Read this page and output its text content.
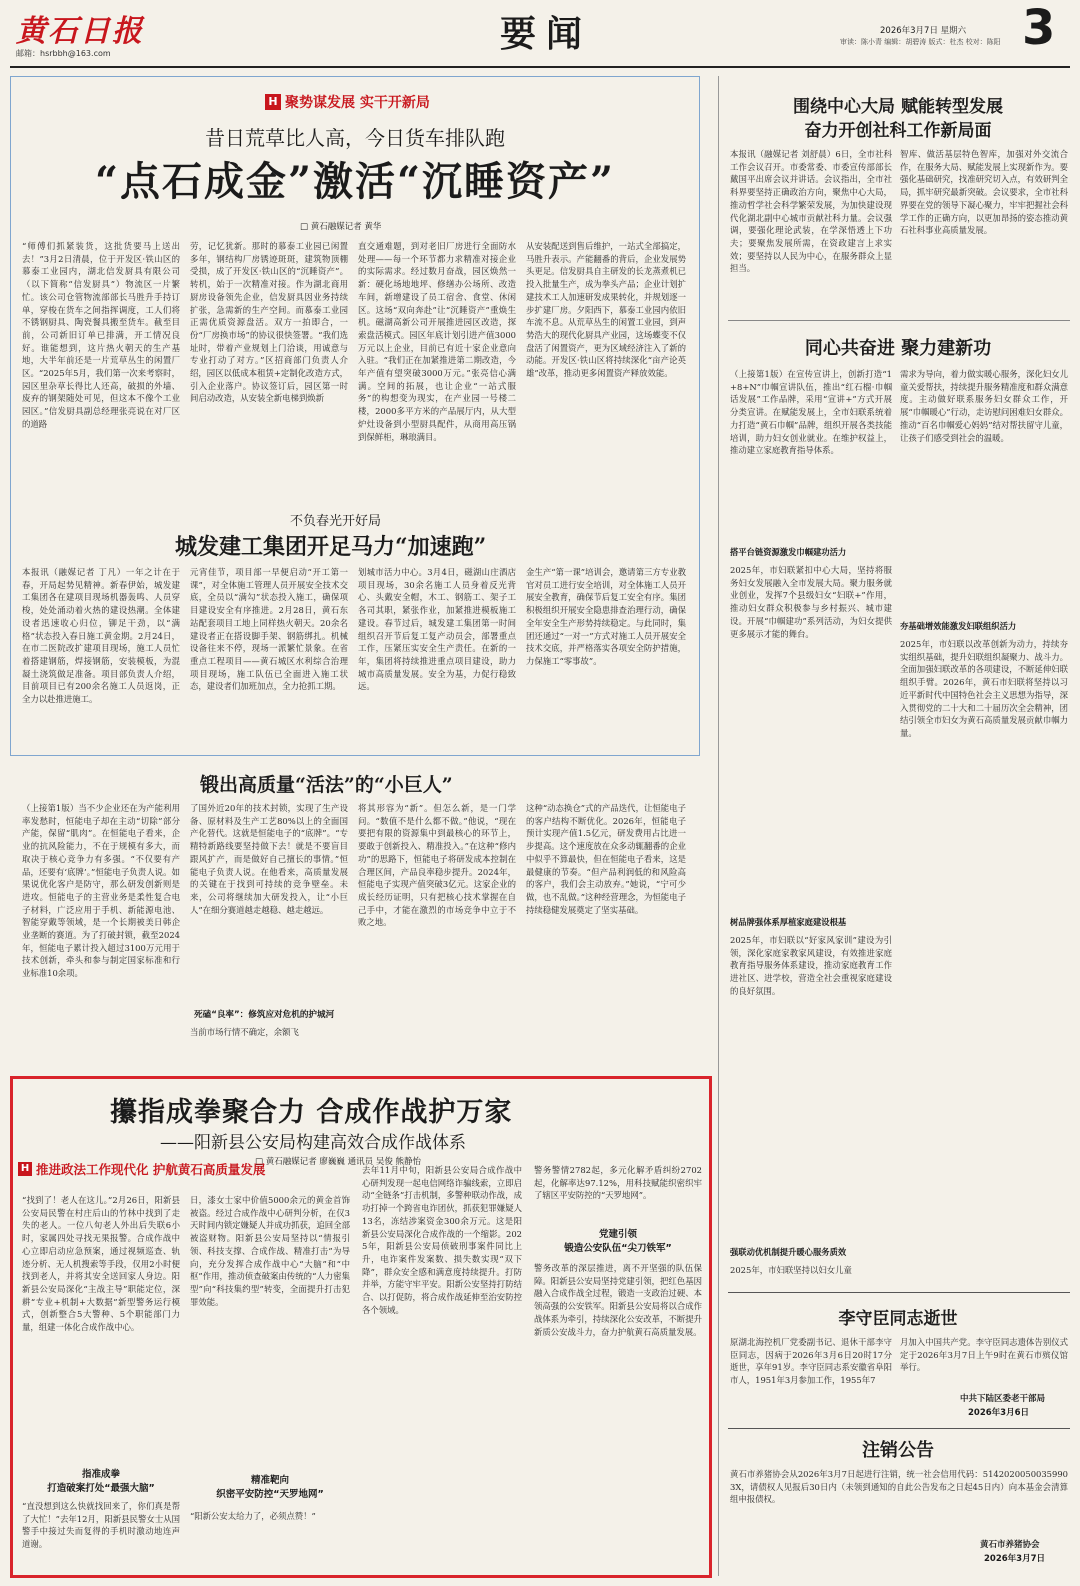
黄石日报
邮箱：hsrbbh@163.com	要闻	2026年3月7日 星期六
审读：陈小青 编辑：胡碧涛 版式：杜杰 校对：陈阳 3
H 聚势谋发展 实干开新局
昔日荒草比人高，今日货车排队跑
“点石成金”激活“沉睡资产”
□ 黄石融媒记者 黄华
“师傅们抓紧装货，这批货要马上送出去！”3月2日清晨，位于开发区·铁山区的慕泰工业园内，湖北信发厨具有限公司（以下简称“信发厨具”）物流区一片繁忙。该公司仓管物流部部长马胜升手持订单，穿梭在货车之间指挥调度，工人们将不锈钢厨具、陶瓷餐具搬至货车。截至目前，公司新旧订单已排满，开工情况良好。谁能想到，这片热火朝天的生产基地，大半年前还是一片荒草丛生的闲置厂区。“2025年5月，我们第一次来考察时，园区里杂草长得比人还高，破损的外墙、废弃的钢架随处可见，但这本不像个工业园区。”信发厨具副总经理张亮说在对厂区的道路
劳，记忆犹新。那时的慕泰工业园已闲置多年，钢结构厂房锈迹斑斑，建筑物顶棚受损，成了开发区·铁山区的“沉睡资产”。转机，始于一次精准对接。作为湖北商用厨房设备领先企业，信发厨具因业务持续扩张，急需新的生产空间。而慕泰工业园正需优质资源盘活。双方一拍即合，一份“厂房换市场”的协议很快签署。“我们选址时，带着产业规划上门洽谈，用诚意与专业打动了对方。”区招商部门负责人介绍，园区以低成本租赁+定制化改造方式，引入企业落户。协议签订后，园区第一时间启动改造，从安装全新电梯到焕新
直交通难题，到对老旧厂房进行全面防水处理——每一个环节都力求精准对接企业的实际需求。经过数月奋战，园区焕然一新：硬化场地地坪、修缮办公场所、改造车间，新增建设了员工宿舍、食堂、休闲区。这场“双向奔赴”让“沉睡资产”重焕生机。磁湖高新公司开展推进园区改造，探索盘活模式。园区年底计划引进产值3000万元以上企业，目前已有近十家企业意向入驻。“我们正在加紧推进第二期改造，今年产值有望突破3000万元。”张亮信心满满。空间的拓展，也让企业“一站式服务”的构想变为现实，在产业园一号楼二楼，2000多平方米的产品展厅内，从大型炉灶设备到小型厨具配件，从商用高压锅到保鲜柜，琳琅满目。
从安装配送到售后维护，一站式全部搞定，马胜升表示。产能翻番的背后，企业发展势头更足。信发厨具自主研发的长龙蒸煮机已投入批量生产，成为拳头产品；企业计划扩建技术工人加速研发成果转化，并规划逐一步扩建厂房。夕阳西下，慕泰工业园内依旧车流不息。从荒草丛生的闲置工业园，到声势浩大的现代化厨具产业园，这场蝶变不仅盘活了闲置资产，更为区域经济注入了新的动能。开发区·铁山区将持续深化“亩产论英雄”改革，推动更多闲置资产释放效能。
不负春光开好局
城发建工集团开足马力“加速跑”
本报讯（融媒记者 丁凡）一年之计在于春，开局起势见精神。新春伊始，城发建工集团各在建项目现场机器轰鸣、人员穿梭，处处涌动着火热的建设热潮。全体建设者迅速收心归位，铆足干劲，以“满格”状态投入春日施工黄金期。2月24日，在市二医院改扩建项目现场，施工人员忙着搭建钢筋，焊接钢筋，安装模板，为混凝土浇筑做足准备。项目部负责人介绍，目前项目已有200余名施工人员返岗，正全力以赴推进施工。
元宵佳节，项目部一早便启动“开工第一课”，对全体施工管理人员开展安全技术交底，全员以“满勾”状态投入施工，确保项目建设安全有序推进。2月28日，黄石东站配套项目工地上同样热火朝天。20余名建设者正在搭设脚手架、钢筋绑扎。机械设备往来不停，现场一派繁忙景象。在省重点工程项目——黄石城区水利综合治理项目现场，施工队伍已全面进入施工状态，建设者们加班加点，全力抢抓工期。
划城市活力中心。3月4日，磁湖山庄酒店项目现场，30余名施工人员身着反光背心、头戴安全帽，木工、钢筋工、架子工各司其职，紧张作业，加紧推进模板施工建设。春节过后，城发建工集团第一时间组织召开节后复工复产动员会，部署重点工作，压紧压实安全生产责任。在新的一年，集团将持续推进重点项目建设，助力城市高质量发展。安全为基，力促行稳致远。
金生产“第一课”培训会，邀请第三方专业教官对员工进行安全培训，对全体施工人员开展安全教育，确保节后复工安全有序。集团积极组织开展安全隐患排查治理行动，确保全年安全生产形势持续稳定。与此同时，集团还通过“一对一”方式对施工人员开展安全技术交底，并严格落实各项安全防护措施，力保施工“零事故”。
锻出高质量“活法”的“小巨人”
（上接第1版）当不少企业还在为产能利用率发愁时，恒能电子却在主动“切除”部分产能，保留“肌肉”。在恒能电子看来，企业的抗风险能力，不在于规模有多大，而取决于核心竞争力有多强。“不仅要有产品，还要有‘底牌’。”恒能电子负责人说。如果说优化客户是防守，那么研发创新则是进攻。恒能电子的主营业务是柔性复合电子材料，广泛应用于手机、新能源电池、智能穿戴等领域，是一个长期被美日韩企业垄断的赛道。为了打破封锁，截至2024年，恒能电子累计投入超过3100万元用于技术创新，牵头和参与制定国家标准和行业标准10余项。
了国外近20年的技术封锁，实现了生产设备、原材料及生产工艺80%以上的全面国产化替代。这就是恒能电子的“底牌”。“专精特新路线要坚持做下去！就是不要盲目跟风扩产，而是做好自己擅长的事情。”恒能电子负责人说。在他看来，高质量发展的关键在于找到可持续的竞争壁垒。未来，公司将继续加大研发投入，让“小巨人”在细分赛道越走越稳、越走越远。
死磕“良率”：修筑应对危机的护城河
当前市场行情不确定，余额飞
将其形容为“新”。但怎么新，是一门学问。“数值不是什么都不做。”他说，“现在要把有限的资源集中到最核心的环节上，要敢于创新投入、精准投入。”在这种“修内功”的思路下，恒能电子将研发成本控制在合理区间，产品良率稳步提升。2024年，恒能电子实现产值突破3亿元。这家企业的成长经历证明，只有把核心技术掌握在自己手中，才能在激烈的市场竞争中立于不败之地。
这种“动态换仓”式的产品迭代，让恒能电子的客户结构不断优化。2026年，恒能电子预计实现产值1.5亿元，研发费用占比进一步提高。这个速度放在众多动辄翻番的企业中似乎不算最快，但在恒能电子看来，这是最健康的节奏。“但产品利润低的和风险高的客户，我们会主动放弃。”她说，“宁可少做，也不乱做。”这种经营理念，为恒能电子持续稳健发展奠定了坚实基础。
攥指成拳聚合力 合成作战护万家
——阳新县公安局构建高效合成作战体系
□ 黄石融媒记者 廖巍巍 通讯员 吴俊 熊静怡
H 推进政法工作现代化 护航黄石高质量发展
“找到了！老人在这儿。”2月26日，阳新县公安局民警在村庄后山的竹林中找到了走失的老人。一位八旬老人外出后失联6小时，家属四处寻找无果报警。合成作战中心立即启动应急预案，通过视频巡查、轨迹分析、无人机搜索等手段，仅用2小时便找到老人，并将其安全送回家人身边。阳新县公安局深化“主战主导”职能定位，深耕“专业+机制+大数据”新型警务运行模式，创新整合5大警种、5个职能部门力量，组建一体化合成作战中心。
指准成拳
打造破案打处“最强大脑”
“直没想到这么快就找回来了，你们真是帮了大忙！”去年12月，阳新县民警女士从国警手中接过失而复得的手机时激动地连声道谢。
日，漆女士家中价值5000余元的黄金首饰被盗。经过合成作战中心研判分析，在仅3天时间内锁定嫌疑人并成功抓获，追回全部被盗财物。阳新县公安局坚持以“情报引领、科技支撑、合成作战、精准打击”为导向，充分发挥合成作战中心“大脑”和“中枢”作用，推动侦查破案由传统的“人力密集型”向“科技集约型”转变，全面提升打击犯罪效能。
精准靶向
织密平安防控“天罗地网”
“阳新公安太给力了，必须点赞！”
去年11月中旬，阳新县公安局合成作战中心研判发现一起电信网络诈骗线索，立即启动“全链条”打击机制，多警种联动作战，成功打掉一个跨省电诈团伙，抓获犯罪嫌疑人13名，冻结涉案资金300余万元。这是阳新县公安局深化合成作战的一个缩影。2025年，阳新县公安局侦破刑事案件同比上升，电诈案件发案数、损失数实现“双下降”，群众安全感和满意度持续提升。打防并举，方能守牢平安。阳新公安坚持打防结合、以打促防，将合成作战延伸至治安防控各个领域。
警务警情2782起，多元化解矛盾纠纷2702起，化解率达97.12%，用科技赋能织密织牢了辖区平安防控的“天罗地网”。
党建引领
锻造公安队伍“尖刀铁军”
警务改革的深层推进，离不开坚强的队伍保障。阳新县公安局坚持党建引领，把红色基因融入合成作战全过程，锻造一支政治过硬、本领高强的公安铁军。阳新县公安局将以合成作战体系为牵引，持续深化公安改革，不断提升新质公安战斗力，奋力护航黄石高质量发展。
围绕中心大局 赋能转型发展
奋力开创社科工作新局面
本报讯（融媒记者 刘舒晨）6日，全市社科工作会议召开。市委常委、市委宣传部部长戴国平出席会议并讲话。会议指出，全市社科界要坚持正确政治方向，聚焦中心大局，推动哲学社会科学繁荣发展，为加快建设现代化湖北副中心城市贡献社科力量。会议强调，要强化理论武装，在学深悟透上下功夫；要聚焦发展所需，在资政建言上求实效；要坚持以人民为中心，在服务群众上显担当。
智库、做活基层特色智库，加强对外交流合作，在服务大局、赋能发展上实现新作为。要强化基础研究，找准研究切入点，有效研判全局，抓牢研究最新突破。会议要求，全市社科界要在党的领导下凝心聚力，牢牢把握社会科学工作的正确方向，以更加昂扬的姿态推动黄石社科事业高质量发展。
同心共奋进 聚力建新功
（上接第1版）在宣传宣讲上，创新打造“1+8+N”巾帼宣讲队伍，推出“红石榴·巾帼话发展”工作品牌，采用“宣讲+”方式开展分类宣讲。在赋能发展上，全市妇联系统着力打造“黄石巾帼”品牌，组织开展各类技能培训，助力妇女创业就业。在维护权益上，推动建立家庭教育指导体系。
搭平台链资源激发巾帼建功活力
2025年，市妇联紧扣中心大局，坚持将服务妇女发展融入全市发展大局。聚力服务就业创业，发挥7个县级妇女“妇联+”作用，推动妇女群众积极参与乡村振兴、城市建设。开展“巾帼建功”系列活动，为妇女提供更多展示才能的舞台。
树品牌强体系厚植家庭建设根基
2025年，市妇联以“好家风家训”建设为引领，深化家庭家教家风建设，有效推进家庭教育指导服务体系建设，推动家庭教育工作进社区、进学校，营造全社会重视家庭建设的良好氛围。
强联动优机制提升暖心服务质效
2025年，市妇联坚持以妇女儿童
需求为导向，着力做实暖心服务，深化妇女儿童关爱帮扶，持续提升服务精准度和群众满意度。主动做好联系服务妇女群众工作，开展“巾帼暖心”行动，走访慰问困难妇女群众。推动“百名巾帼爱心妈妈”结对帮扶留守儿童，让孩子们感受到社会的温暖。
夯基础增效能激发妇联组织活力
2025年，市妇联以改革创新为动力，持续夯实组织基础，提升妇联组织凝聚力、战斗力。全面加强妇联改革的各项建设，不断延伸妇联组织手臂。2026年，黄石市妇联将坚持以习近平新时代中国特色社会主义思想为指导，深入贯彻党的二十大和二十届历次全会精神，团结引领全市妇女为黄石高质量发展贡献巾帼力量。
李守臣同志逝世
原湖北海控机厂党委副书记、退休干部李守臣同志，因病于2026年3月6日20时17分逝世，享年91岁。李守臣同志系安徽省阜阳市人，1951年3月参加工作，1955年7
月加入中国共产党。李守臣同志遗体告别仪式定于2026年3月7日上午9时在黄石市殡仪馆举行。
中共下陆区委老干部局
2026年3月6日
注销公告
黄石市养猪协会从2026年3月7日起进行注销，统一社会信用代码：51420200500359903X，请债权人见报后30日内（未领到通知的自此公告发布之日起45日内）向本基金会清算组申报债权。
黄石市养猪协会
2026年3月7日
